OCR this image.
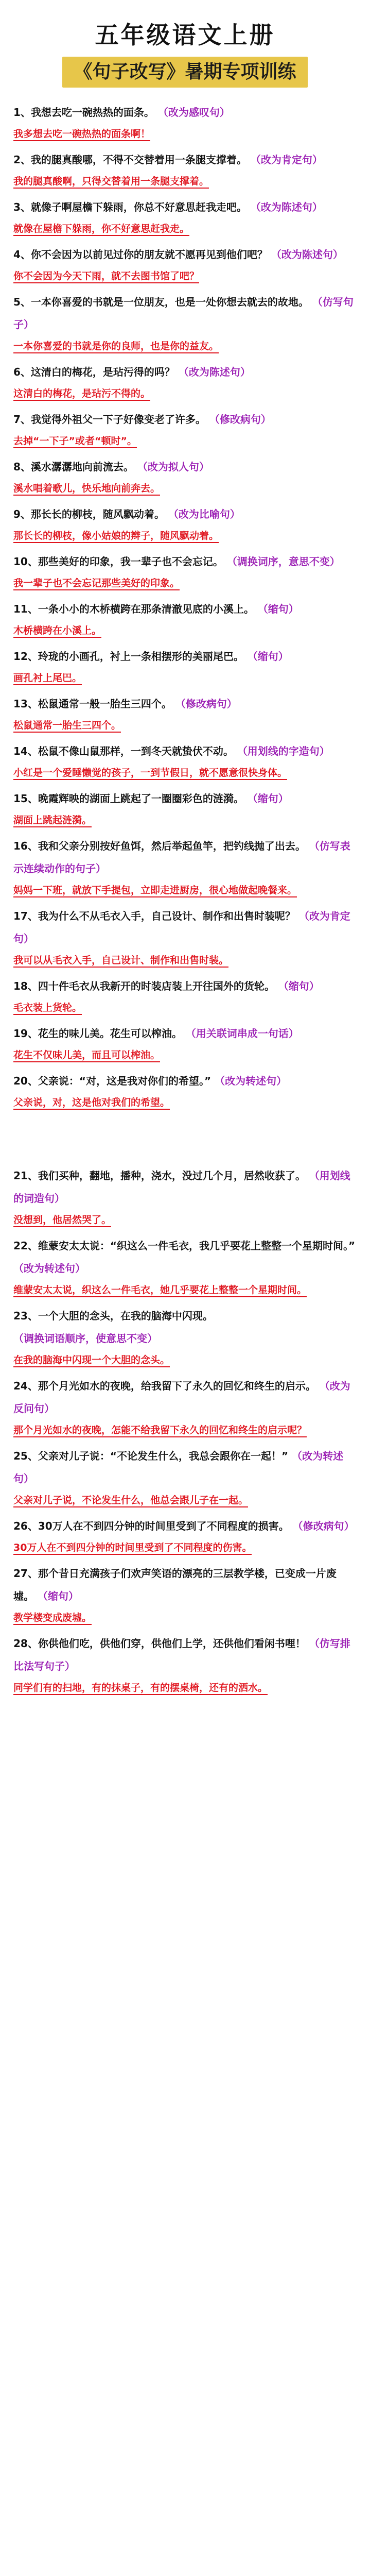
五年级语文上册
《句子改写》暑期专项训练

1、我想去吃一碗热热的面条。 （改为感叹句）

我多想去吃一碗热热的面条啊！

2、我的腿真酸哪，不得不交替着用一条腿支撑着。 （改为肯定句）

我的腿真酸啊，只得交替着用一条腿支撑着。

3、就像子啊屋檐下躲雨，你总不好意思赶我走吧。 （改为陈述句）

就像在屋檐下躲雨，你不好意思赶我走。

4、你不会因为以前见过你的朋友就不愿再见到他们吧？ （改为陈述句）

你不会因为今天下雨，就不去图书馆了吧？

5、一本你喜爱的书就是一位朋友，也是一处你想去就去的故地。 （仿写句子）

一本你喜爱的书就是你的良师，也是你的益友。

6、这清白的梅花，是玷污得的吗？ （改为陈述句）

这清白的梅花，是玷污不得的。

7、我觉得外祖父一下子好像变老了许多。 （修改病句）

去掉“一下子”或者“顿时”。

8、溪水潺潺地向前流去。 （改为拟人句）

溪水唱着歌儿，快乐地向前奔去。

9、那长长的柳枝，随风飘动着。 （改为比喻句）

那长长的柳枝，像小姑娘的辫子，随风飘动着。

10、那些美好的印象，我一辈子也不会忘记。 （调换词序，意思不变）

我一辈子也不会忘记那些美好的印象。

11、一条小小的木桥横跨在那条清澈见底的小溪上。 （缩句）

木桥横跨在小溪上。

12、玲珑的小画孔，衬上一条相摆形的美丽尾巴。 （缩句）

画孔衬上尾巴。

13、松鼠通常一般一胎生三四个。 （修改病句）

松鼠通常一胎生三四个。

14、松鼠不像山鼠那样，一到冬天就蛰伏不动。 （用划线的字造句）

小红是一个爱睡懒觉的孩子，一到节假日，就不愿意很快身体。

15、晚霞辉映的湖面上跳起了一圈圈彩色的涟漪。 （缩句）

湖面上跳起涟漪。

16、我和父亲分别按好鱼饵，然后举起鱼竿，把钓线抛了出去。 （仿写表示连续动作的句子）

妈妈一下班，就放下手提包，立即走进厨房，很心地做起晚餐来。

17、我为什么不从毛衣入手，自己设计、制作和出售时装呢？ （改为肯定句）

我可以从毛衣入手，自己设计、制作和出售时装。

18、四十件毛衣从我新开的时装店装上开往国外的货轮。 （缩句）

毛衣装上货轮。

19、花生的味儿美。花生可以榨油。 （用关联词串成一句话）

花生不仅味儿美，而且可以榨油。

20、父亲说：“对，这是我对你们的希望。” （改为转述句）

父亲说，对，这是他对我们的希望。

21、我们买种，翻地，播种，浇水，没过几个月，居然收获了。 （用划线的词造句）

没想到，他居然哭了。

22、维蒙安太太说：“织这么一件毛衣，我几乎要花上整整一个星期时间。” （改为转述句）

维蒙安太太说，织这么一件毛衣，她几乎要花上整整一个星期时间。

23、一个大胆的念头，在我的脑海中闪现。 （调换词语顺序，使意思不变）

在我的脑海中闪现一个大胆的念头。

24、那个月光如水的夜晚，给我留下了永久的回忆和终生的启示。 （改为反问句）

那个月光如水的夜晚，怎能不给我留下永久的回忆和终生的启示呢？

25、父亲对儿子说：“不论发生什么，我总会跟你在一起！” （改为转述句）

父亲对儿子说，不论发生什么，他总会跟儿子在一起。

26、30万人在不到四分钟的时间里受到了不同程度的损害。 （修改病句）

30万人在不到四分钟的时间里受到了不同程度的伤害。

27、那个昔日充满孩子们欢声笑语的漂亮的三层教学楼，已变成一片废墟。 （缩句）

教学楼变成废墟。

28、你供他们吃，供他们穿，供他们上学，还供他们看闲书哩！ （仿写排比法写句子）

同学们有的扫地，有的抹桌子，有的摆桌椅，还有的洒水。
